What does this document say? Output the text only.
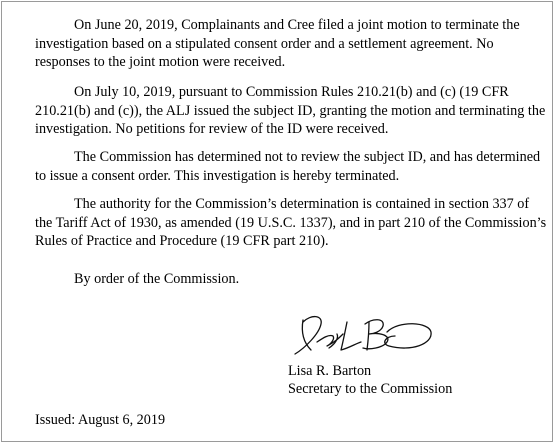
On June 20, 2019, Complainants and Cree filed a joint motion to terminate the investigation based on a stipulated consent order and a settlement agreement. No responses to the joint motion were received.

On July 10, 2019, pursuant to Commission Rules 210.21(b) and (c) (19 CFR 210.21(b) and (c)), the ALJ issued the subject ID, granting the motion and terminating the investigation. No petitions for review of the ID were received.

The Commission has determined not to review the subject ID, and has determined to issue a consent order. This investigation is hereby terminated.

The authority for the Commission’s determination is contained in section 337 of the Tariff Act of 1930, as amended (19 U.S.C. 1337), and in part 210 of the Commission’s Rules of Practice and Procedure (19 CFR part 210).

By order of the Commission.

Lisa R. Barton

Secretary to the Commission

Issued: August 6, 2019
